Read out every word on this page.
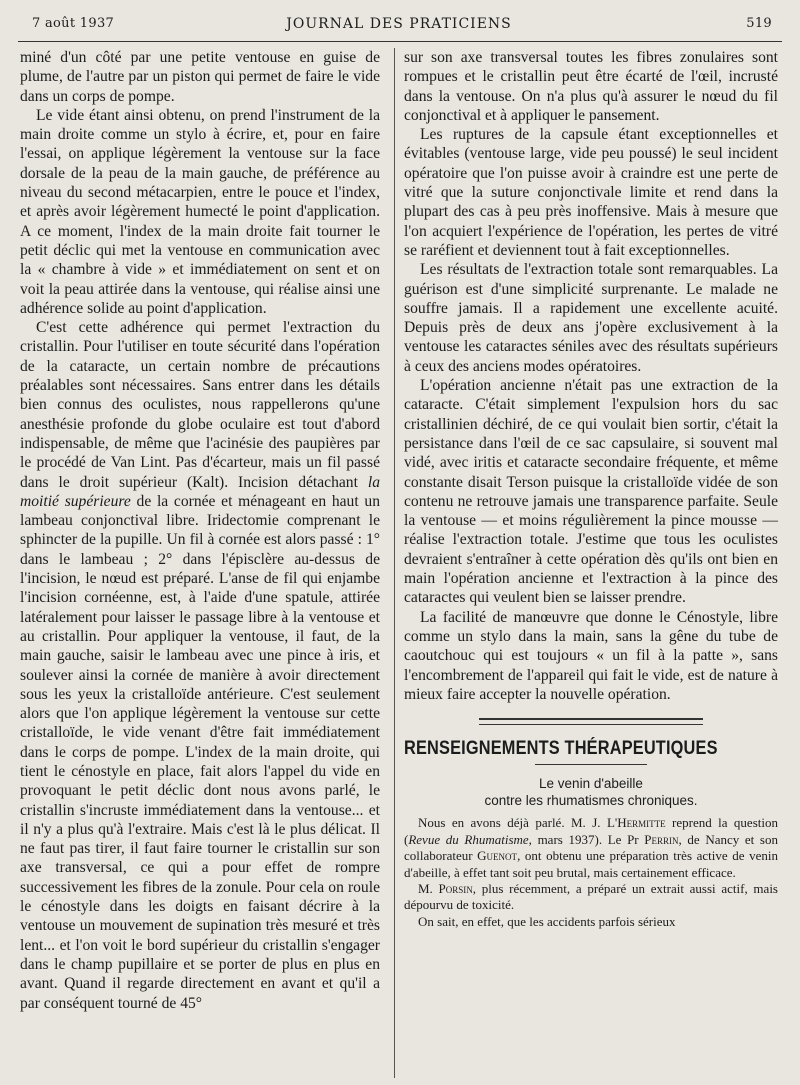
7 août 1937	JOURNAL DES PRATICIENS	519

miné d'un côté par une petite ventouse en guise de plume, de l'autre par un piston qui permet de faire le vide dans un corps de pompe.

Le vide étant ainsi obtenu, on prend l'instrument de la main droite comme un stylo à écrire, et, pour en faire l'essai, on applique légèrement la ventouse sur la face dorsale de la peau de la main gauche, de préférence au niveau du second métacarpien, entre le pouce et l'index, et après avoir légèrement humecté le point d'application. A ce moment, l'index de la main droite fait tourner le petit déclic qui met la ventouse en communication avec la « chambre à vide » et immédiatement on sent et on voit la peau attirée dans la ventouse, qui réalise ainsi une adhérence solide au point d'application.

C'est cette adhérence qui permet l'extraction du cristallin. Pour l'utiliser en toute sécurité dans l'opération de la cataracte, un certain nombre de précautions préalables sont nécessaires. Sans entrer dans les détails bien connus des oculistes, nous rappellerons qu'une anesthésie profonde du globe oculaire est tout d'abord indispensable, de même que l'acinésie des paupières par le procédé de Van Lint. Pas d'écarteur, mais un fil passé dans le droit supérieur (Kalt). Incision détachant la moitié supérieure de la cornée et ménageant en haut un lambeau conjonctival libre. Iridectomie comprenant le sphincter de la pupille. Un fil à cornée est alors passé : 1° dans le lambeau ; 2° dans l'épisclère au-dessus de l'incision, le nœud est préparé. L'anse de fil qui enjambe l'incision cornéenne, est, à l'aide d'une spatule, attirée latéralement pour laisser le passage libre à la ventouse et au cristallin. Pour appliquer la ventouse, il faut, de la main gauche, saisir le lambeau avec une pince à iris, et soulever ainsi la cornée de manière à avoir directement sous les yeux la cristalloïde antérieure. C'est seulement alors que l'on applique légèrement la ventouse sur cette cristalloïde, le vide venant d'être fait immédiatement dans le corps de pompe. L'index de la main droite, qui tient le cénostyle en place, fait alors l'appel du vide en provoquant le petit déclic dont nous avons parlé, le cristallin s'incruste immédiatement dans la ventouse... et il n'y a plus qu'à l'extraire. Mais c'est là le plus délicat. Il ne faut pas tirer, il faut faire tourner le cristallin sur son axe transversal, ce qui a pour effet de rompre successivement les fibres de la zonule. Pour cela on roule le cénostyle dans les doigts en faisant décrire à la ventouse un mouvement de supination très mesuré et très lent... et l'on voit le bord supérieur du cristallin s'engager dans le champ pupillaire et se porter de plus en plus en avant. Quand il regarde directement en avant et qu'il a par conséquent tourné de 45°

sur son axe transversal toutes les fibres zonulaires sont rompues et le cristallin peut être écarté de l'œil, incrusté dans la ventouse. On n'a plus qu'à assurer le nœud du fil conjonctival et à appliquer le pansement.

Les ruptures de la capsule étant exceptionnelles et évitables (ventouse large, vide peu poussé) le seul incident opératoire que l'on puisse avoir à craindre est une perte de vitré que la suture conjonctivale limite et rend dans la plupart des cas à peu près inoffensive. Mais à mesure que l'on acquiert l'expérience de l'opération, les pertes de vitré se raréfient et deviennent tout à fait exceptionnelles.

Les résultats de l'extraction totale sont remarquables. La guérison est d'une simplicité surprenante. Le malade ne souffre jamais. Il a rapidement une excellente acuité. Depuis près de deux ans j'opère exclusivement à la ventouse les cataractes séniles avec des résultats supérieurs à ceux des anciens modes opératoires.

L'opération ancienne n'était pas une extraction de la cataracte. C'était simplement l'expulsion hors du sac cristallinien déchiré, de ce qui voulait bien sortir, c'était la persistance dans l'œil de ce sac capsulaire, si souvent mal vidé, avec iritis et cataracte secondaire fréquente, et même constante disait Terson puisque la cristalloïde vidée de son contenu ne retrouve jamais une transparence parfaite. Seule la ventouse — et moins régulièrement la pince mousse — réalise l'extraction totale. J'estime que tous les oculistes devraient s'entraîner à cette opération dès qu'ils ont bien en main l'opération ancienne et l'extraction à la pince des cataractes qui veulent bien se laisser prendre.

La facilité de manœuvre que donne le Cénostyle, libre comme un stylo dans la main, sans la gêne du tube de caoutchouc qui est toujours « un fil à la patte », sans l'encombrement de l'appareil qui fait le vide, est de nature à mieux faire accepter la nouvelle opération.

RENSEIGNEMENTS THÉRAPEUTIQUES
Le venin d'abeille
contre les rhumatismes chroniques.

Nous en avons déjà parlé. M. J. L'Hermitte reprend la question (Revue du Rhumatisme, mars 1937). Le Pr Perrin, de Nancy et son collaborateur Guenot, ont obtenu une préparation très active de venin d'abeille, à effet tant soit peu brutal, mais certainement efficace.

M. Porsin, plus récemment, a préparé un extrait aussi actif, mais dépourvu de toxicité.

On sait, en effet, que les accidents parfois sérieux
